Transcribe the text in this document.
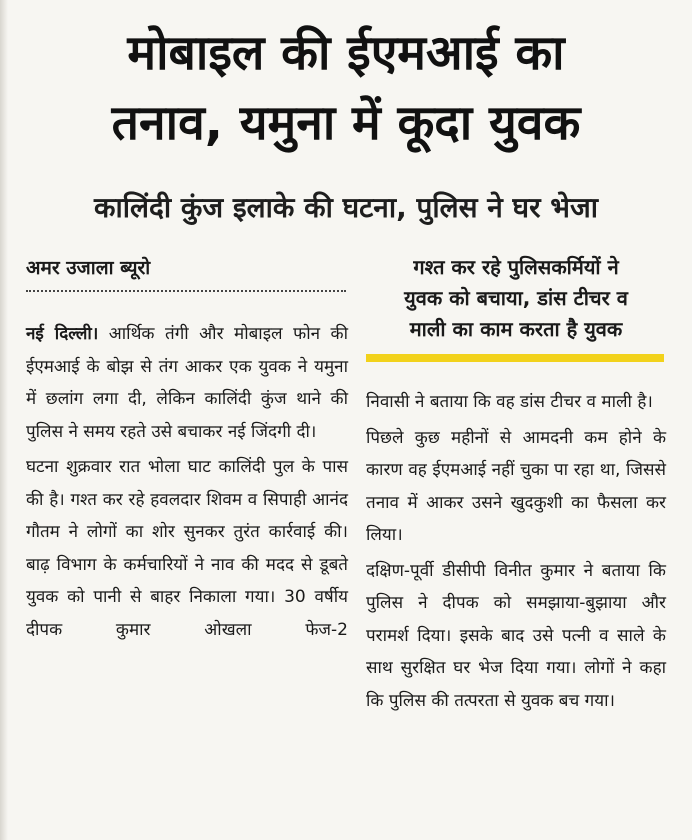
मोबाइल की ईएमआई का
तनाव, यमुना में कूदा युवक
कालिंदी कुंज इलाके की घटना, पुलिस ने घर भेजा
अमर उजाला ब्यूरो	गश्त कर रहे पुलिसकर्मियों ने
युवक को बचाया, डांस टीचर व
माली का काम करता है युवक

नई दिल्ली। आर्थिक तंगी और मोबाइल फोन की ईएमआई के बोझ से तंग आकर एक युवक ने यमुना में छलांग लगा दी, लेकिन कालिंदी कुंज थाने की पुलिस ने समय रहते उसे बचाकर नई जिंदगी दी।

घटना शुक्रवार रात भोला घाट कालिंदी पुल के पास की है। गश्त कर रहे हवलदार शिवम व सिपाही आनंद गौतम ने लोगों का शोर सुनकर तुरंत कार्रवाई की। बाढ़ विभाग के कर्मचारियों ने नाव की मदद से डूबते युवक को पानी से बाहर निकाला गया। 30 वर्षीय दीपक कुमार ओखला फेज-2

निवासी ने बताया कि वह डांस टीचर व माली है।

पिछले कुछ महीनों से आमदनी कम होने के कारण वह ईएमआई नहीं चुका पा रहा था, जिससे तनाव में आकर उसने खुदकुशी का फैसला कर लिया।

दक्षिण-पूर्वी डीसीपी विनीत कुमार ने बताया कि पुलिस ने दीपक को समझाया-बुझाया और परामर्श दिया। इसके बाद उसे पत्नी व साले के साथ सुरक्षित घर भेज दिया गया। लोगों ने कहा कि पुलिस की तत्परता से युवक बच गया।
